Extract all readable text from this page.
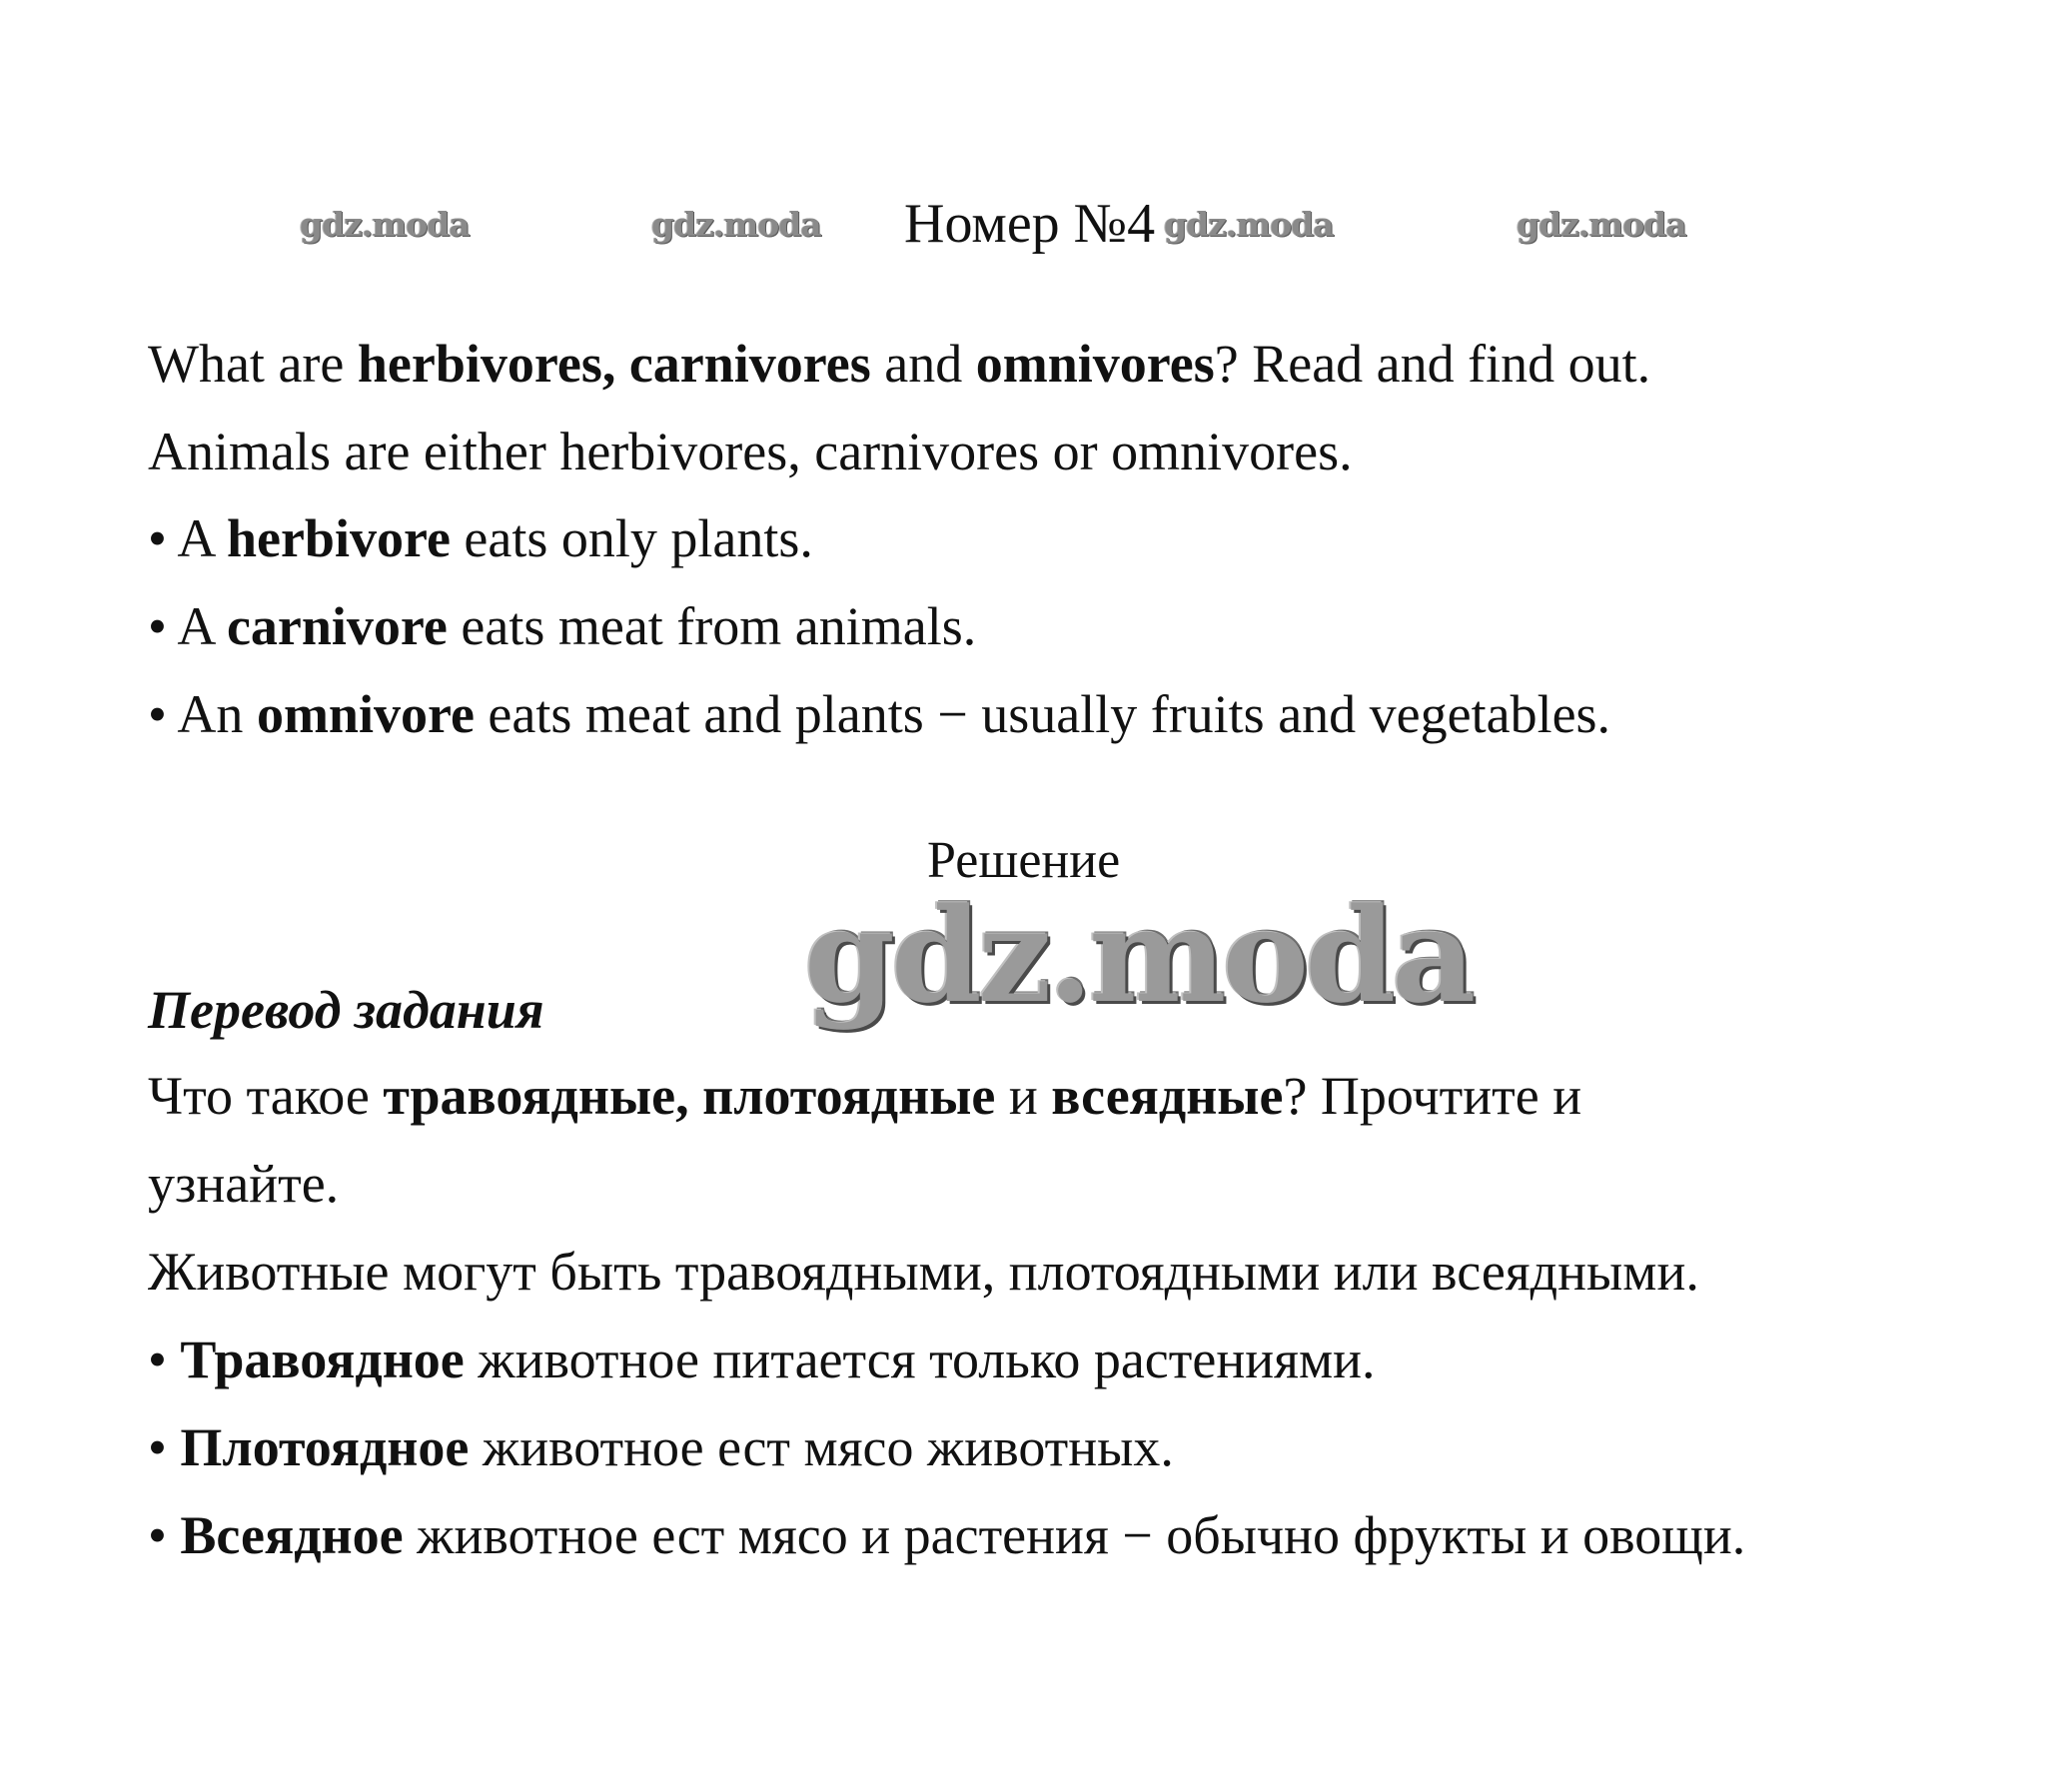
gdz.moda	gdz.moda	gdz.moda	gdz.moda
gdz.moda
Номер №4
What are herbivores, carnivores and omnivores? Read and find out.
Animals are either herbivores, carnivores or omnivores.
• A herbivore eats only plants.
• A carnivore eats meat from animals.
• An omnivore eats meat and plants − usually fruits and vegetables.
Решение
Перевод задания
Что такое травоядные, плотоядные и всеядные? Прочтите и
узнайте.
Животные могут быть травоядными, плотоядными или всеядными.
• Травоядное животное питается только растениями.
• Плотоядное животное ест мясо животных.
• Всеядное животное ест мясо и растения − обычно фрукты и овощи.
